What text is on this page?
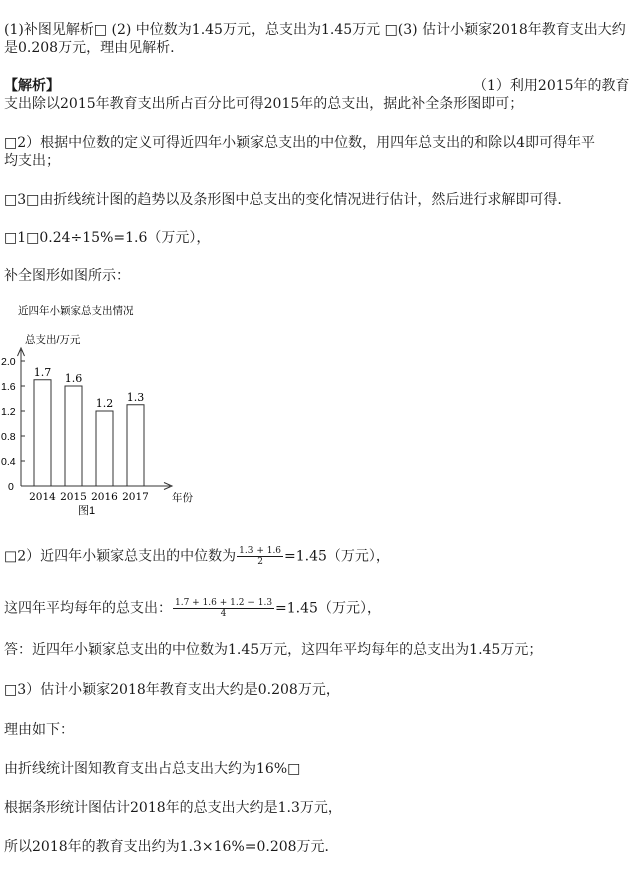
(1)补图见解析□ (2) 中位数为1.45万元，总支出为1.45万元 □(3) 估计小颖家2018年教育支出大约
是0.208万元，理由见解析.
【解析】	（1）利用2015年的教育
支出除以2015年教育支出所占百分比可得2015年的总支出，据此补全条形图即可；
□2）根据中位数的定义可得近四年小颖家总支出的中位数，用四年总支出的和除以4即可得年平
均支出；
□3□由折线统计图的趋势以及条形图中总支出的变化情况进行估计，然后进行求解即可得.
□1□0.24÷15%=1.6（万元），
补全图形如图所示：
近四年小颖家总支出情况
总支出/万元
0
0.4
0.8
1.2
1.6
2.0
1.7
2014
1.6
2015
1.2
2016
1.3
2017 年份
图1
□2）近四年小颖家总支出的中位数为 $\frac{1.3 + 1.6}{2} =1.45$（万元），
这四年平均每年的总支出： $\frac{1.7 + 1.6 + 1.2 - 1.3}{4} =1.45$（万元），
答：近四年小颖家总支出的中位数为1.45万元，这四年平均每年的总支出为1.45万元；
□3）估计小颖家2018年教育支出大约是0.208万元，
理由如下：
由折线统计图知教育支出占总支出大约为16%□
根据条形统计图估计2018年的总支出大约是1.3万元，
所以2018年的教育支出约为1.3×16%=0.208万元．
